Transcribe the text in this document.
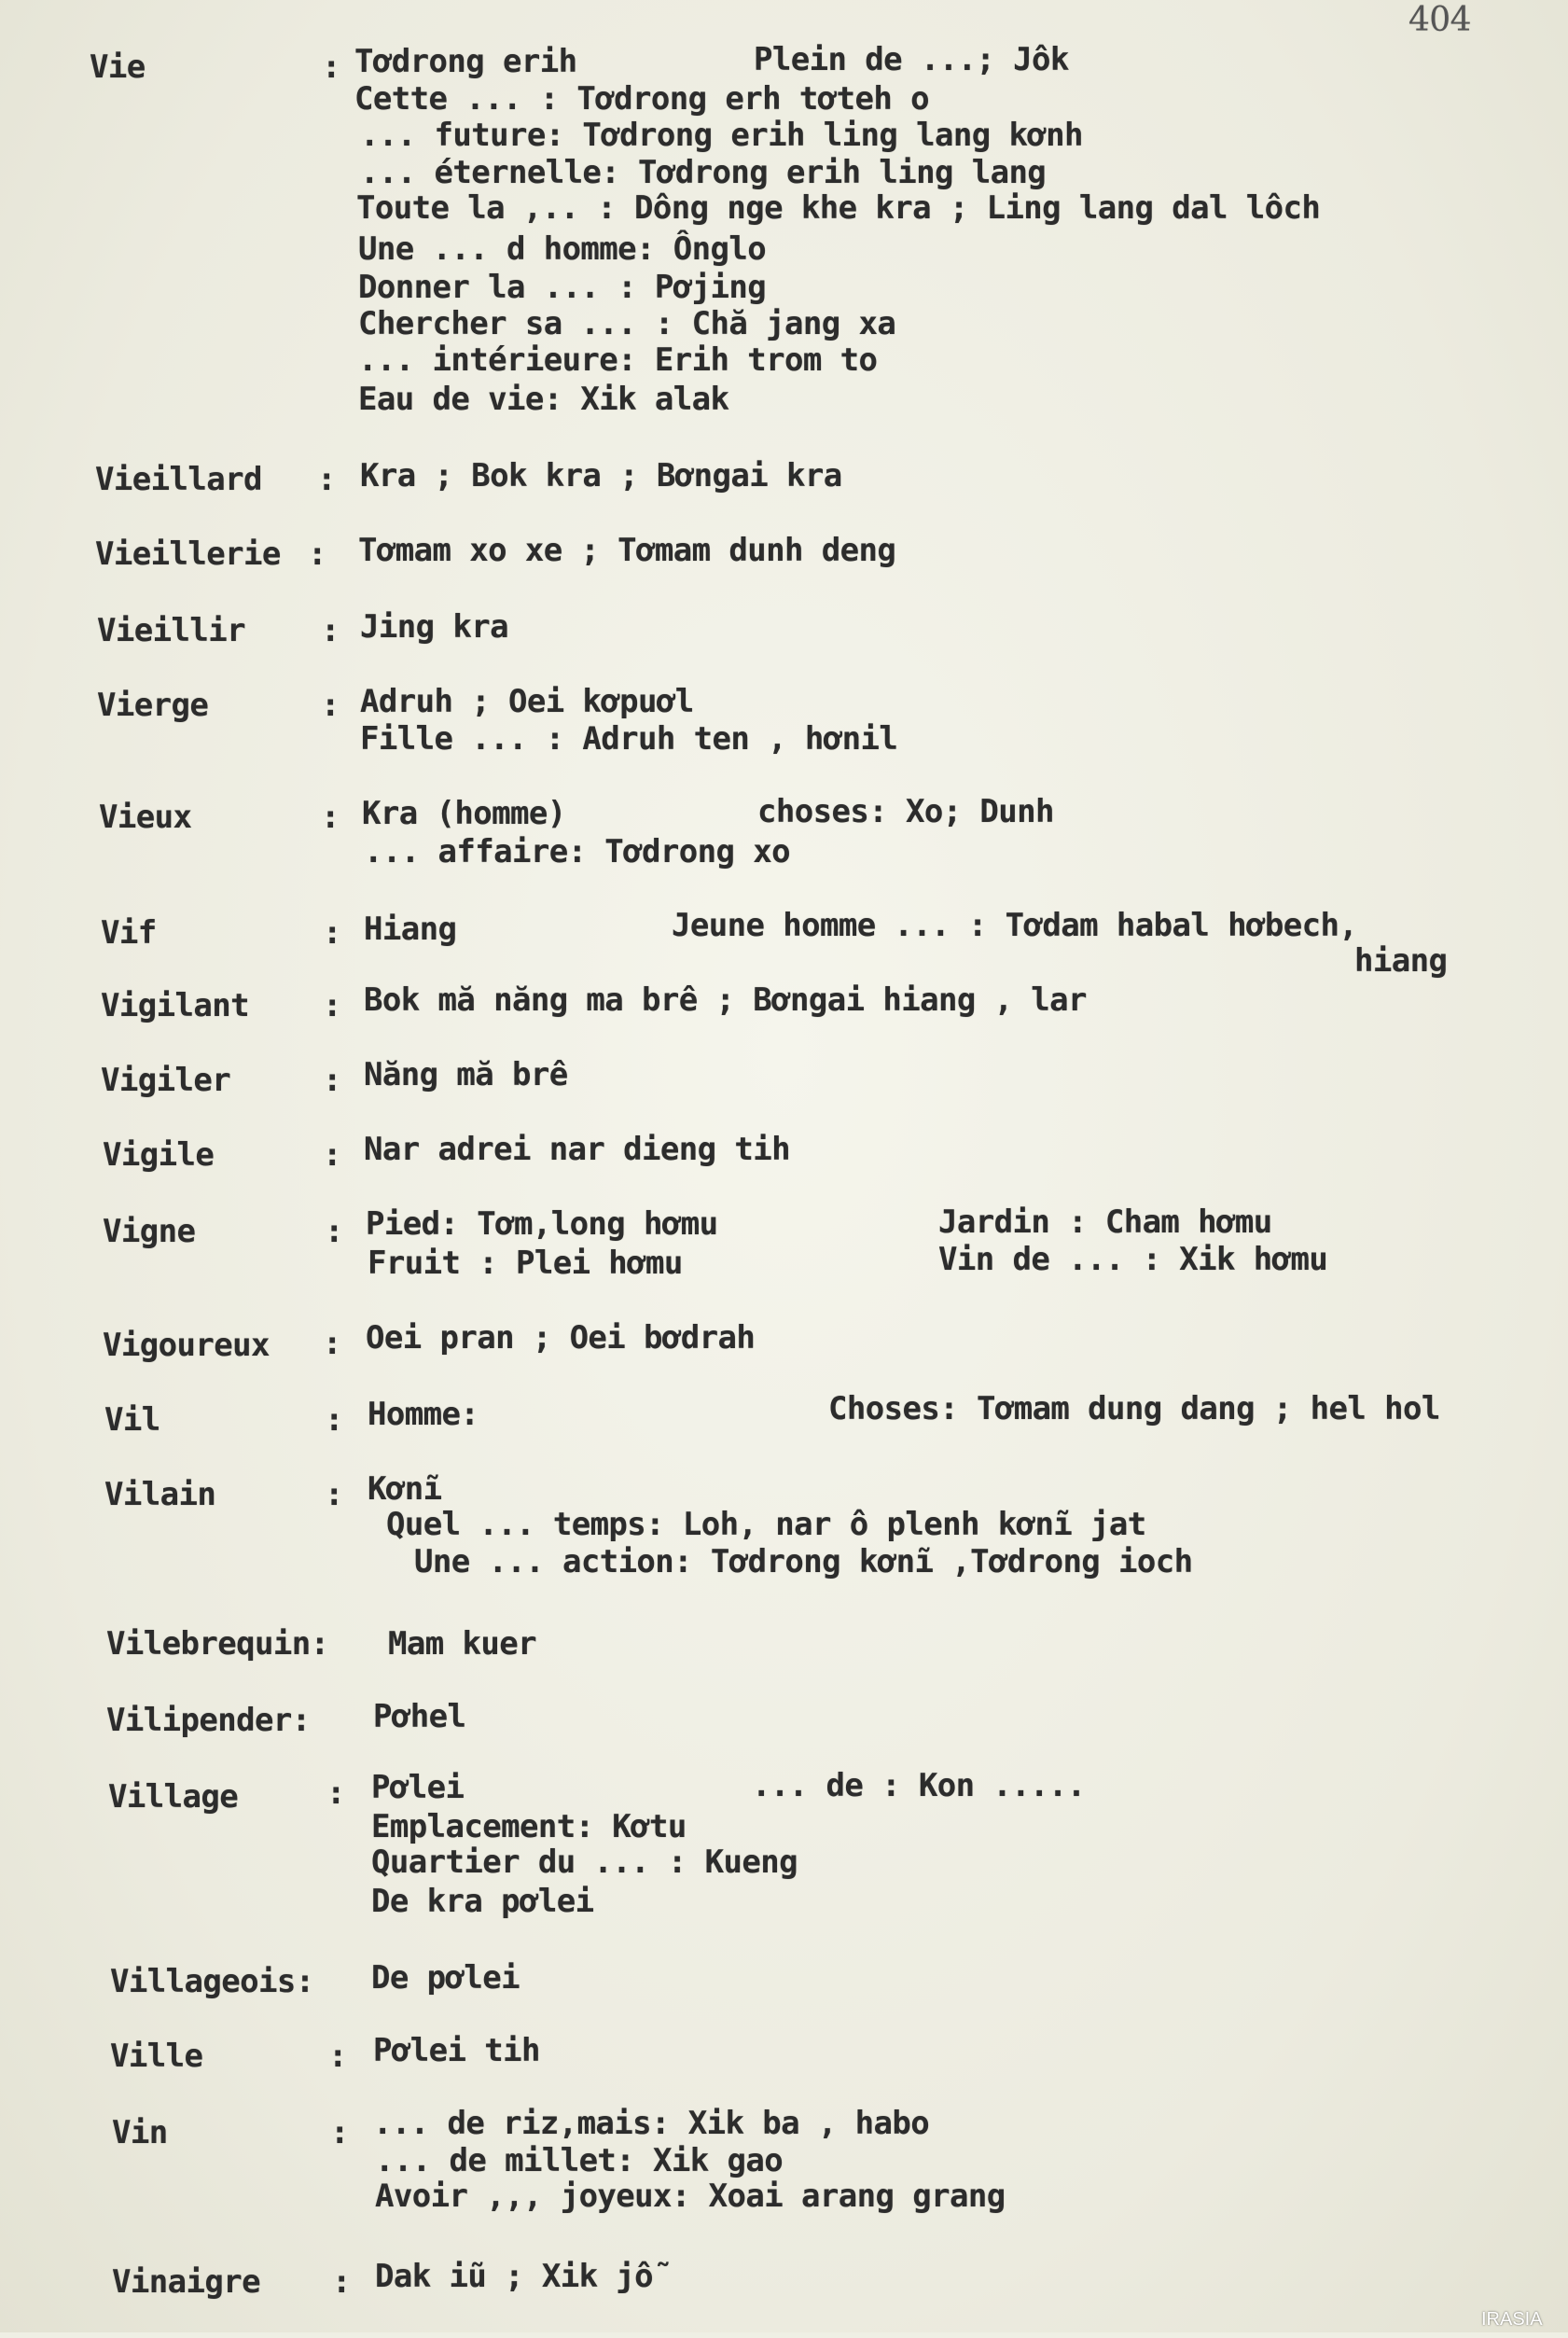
404
Vie	: Tơdrong erih	Plein de ...; Jôk
Cette ... : Tơdrong erh tơteh o
... future: Tơdrong erih ling lang kơnh
... éternelle: Tơdrong erih ling lang
Toute la ,.. : Dông nge khe kra ; Ling lang dal lôch
Une ... d homme: Ônglo
Donner la ... : Pơjing
Chercher sa ... : Chă jang xa
... intérieure: Erih trom to
Eau de vie: Xik alak
Vieillard : Kra ; Bok kra ; Bơngai kra
Vieillerie : Tơmam xo xe ; Tơmam dunh deng
Vieillir : Jing kra
Vierge	: Adruh ; Oei kơpuơl
Fille ... : Adruh ten , hơnil
Vieux	: Kra (homme)	choses: Xo; Dunh
... affaire: Tơdrong xo
Vif	: Hiang	Jeune homme ... : Tơdam habal hơbech,
hiang
Vigilant : Bok mă năng ma brê ; Bơngai hiang , lar
Vigiler	: Năng mă brê
Vigile	: Nar adrei nar dieng tih
Vigne	: Pied: Tơm,long hơmu	Jardin : Cham hơmu
Fruit : Plei hơmu	Vin de ... : Xik hơmu
Vigoureux : Oei pran ; Oei bơdrah
Vil	: Homme:	Choses: Tơmam dung dang ; hel hol
Vilain	: Kơnĩ
Quel ... temps: Loh, nar ô plenh kơnĩ jat
Une ... action: Tơdrong kơnĩ ,Tơdrong ioch
Vilebrequin: Mam kuer
Vilipender: Pơhel
Village	: Pơlei	... de : Kon .....
Emplacement: Kơtu
Quartier du ... : Kueng
De kra pơlei
Villageois: De pơlei
Ville	: Pơlei tih
Vin	: ... de riz,mais: Xik ba , habo
... de millet: Xik gao
Avoir ,,, joyeux: Xoai arang grang
Vinaigre : Dak iũ ; Xik jỗ
IRASIA
